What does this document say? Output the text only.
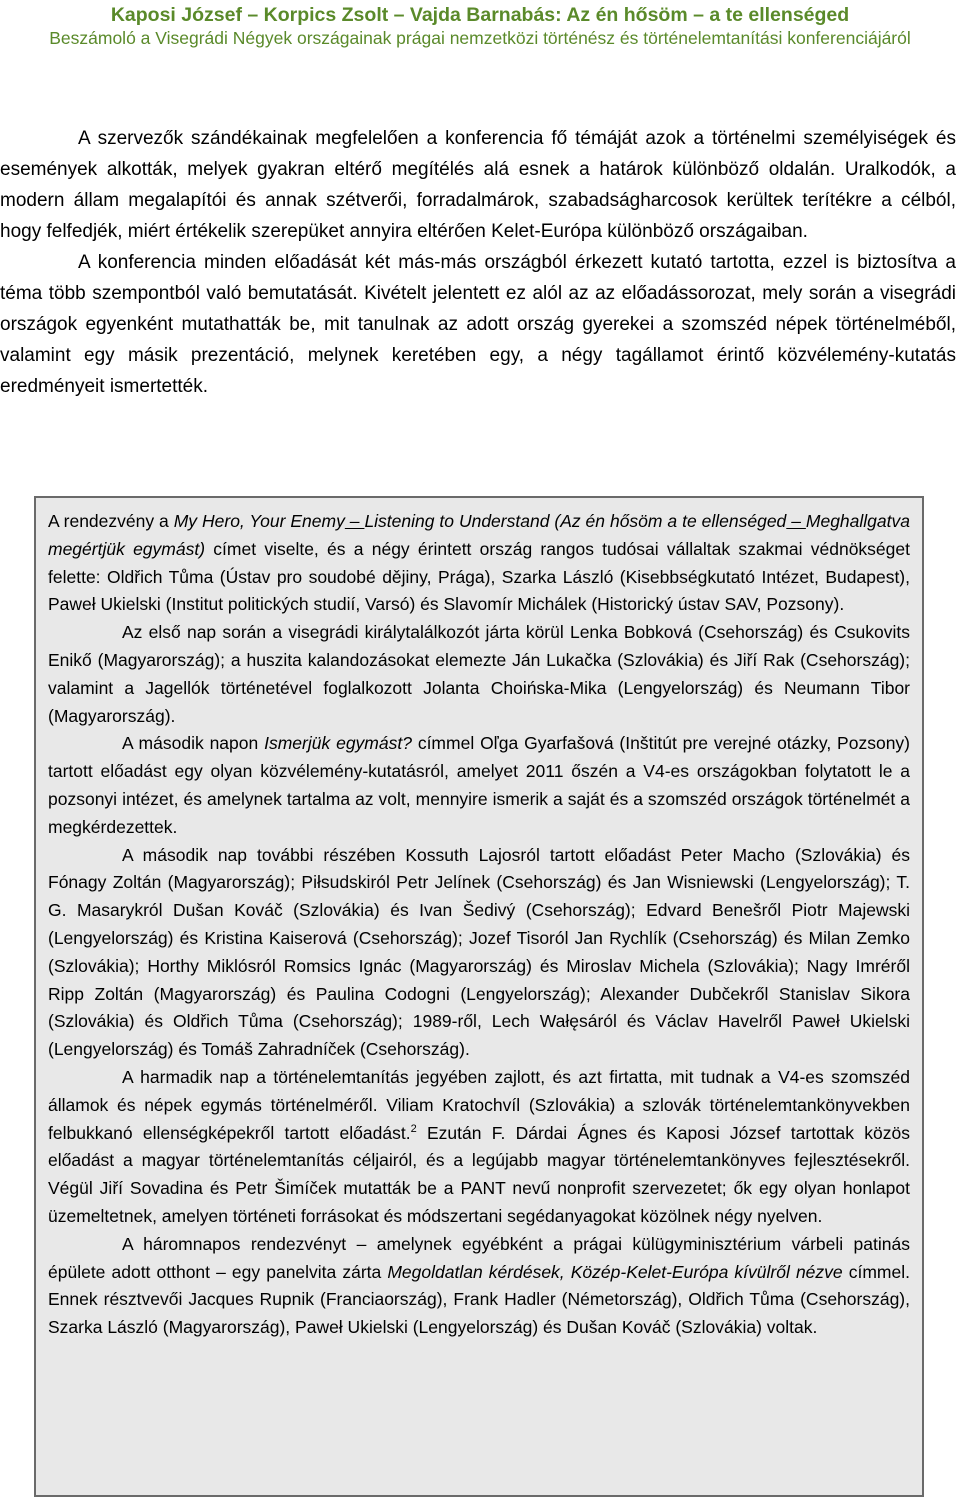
Kaposi József – Korpics Zsolt – Vajda Barnabás: Az én hősöm – a te ellenséged
Beszámoló a Visegrádi Négyek országainak prágai nemzetközi történész és történelemtanítási konferenciájáról

A szervezők szándékainak megfelelően a konferencia fő témáját azok a történelmi személyiségek és események alkották, melyek gyakran eltérő megítélés alá esnek a határok különböző oldalán. Uralkodók, a modern állam megalapítói és annak szétverői, forradalmárok, szabadságharcosok kerültek terítékre a célból, hogy felfedjék, miért értékelik szerepüket annyira eltérően Kelet-Európa különböző országaiban.

A konferencia minden előadását két más-más országból érkezett kutató tartotta, ezzel is biztosítva a téma több szempontból való bemutatását. Kivételt jelentett ez alól az az előadássorozat, mely során a visegrádi országok egyenként mutathatták be, mit tanulnak az adott ország gyerekei a szomszéd népek történelméből, valamint egy másik prezentáció, melynek keretében egy, a négy tagállamot érintő közvélemény-kutatás eredményeit ismertették.

A rendezvény a My Hero, Your Enemy – Listening to Understand (Az én hősöm a te ellenséged – Meghallgatva megértjük egymást) címet viselte, és a négy érintett ország rangos tudósai vállaltak szakmai védnökséget felette: Oldřich Tůma (Ústav pro soudobé dějiny, Prága), Szarka László (Kisebbségkutató Intézet, Budapest), Paweł Ukielski (Institut politických studií, Varsó) és Slavomír Michálek (Historický ústav SAV, Pozsony).

Az első nap során a visegrádi királytalálkozót járta körül Lenka Bobková (Csehország) és Csukovits Enikő (Magyarország); a huszita kalandozásokat elemezte Ján Lukačka (Szlovákia) és Jiří Rak (Csehország); valamint a Jagellók történetével foglalkozott Jolanta Choińska-Mika (Lengyelország) és Neumann Tibor (Magyarország).

A második napon Ismerjük egymást? címmel Oľga Gyarfašová (Inštitút pre verejné otázky, Pozsony) tartott előadást egy olyan közvélemény-kutatásról, amelyet 2011 őszén a V4-es országokban folytatott le a pozsonyi intézet, és amelynek tartalma az volt, mennyire ismerik a saját és a szomszéd országok történelmét a megkérdezettek.

A második nap további részében Kossuth Lajosról tartott előadást Peter Macho (Szlovákia) és Fónagy Zoltán (Magyarország); Piłsudskiról Petr Jelínek (Csehország) és Jan Wisniewski (Lengyelország); T. G. Masarykról Dušan Kováč (Szlovákia) és Ivan Šedivý (Csehország); Edvard Benešről Piotr Majewski (Lengyelország) és Kristina Kaiserová (Csehország); Jozef Tisoról Jan Rychlík (Csehország) és Milan Zemko (Szlovákia); Horthy Miklósról Romsics Ignác (Magyarország) és Miroslav Michela (Szlovákia); Nagy Imréről Ripp Zoltán (Magyarország) és Paulina Codogni (Lengyelország); Alexander Dubčekről Stanislav Sikora (Szlovákia) és Oldřich Tůma (Csehország); 1989-ről, Lech Wałęsáról és Václav Havelről Paweł Ukielski (Lengyelország) és Tomáš Zahradníček (Csehország).

A harmadik nap a történelemtanítás jegyében zajlott, és azt firtatta, mit tudnak a V4-es szomszéd államok és népek egymás történelméről. Viliam Kratochvíl (Szlovákia) a szlovák történelemtankönyvekben felbukkanó ellenségképekről tartott előadást.$^2$ Ezután F. Dárdai Ágnes és Kaposi József tartottak közös előadást a magyar történelemtanítás céljairól, és a legújabb magyar történelemtankönyves fejlesztésekről. Végül Jiří Sovadina és Petr Šimíček mutatták be a PANT nevű nonprofit szervezetet; ők egy olyan honlapot üzemeltetnek, amelyen történeti forrásokat és módszertani segédanyagokat közölnek négy nyelven.

A háromnapos rendezvényt – amelynek egyébként a prágai külügyminisztérium várbeli patinás épülete adott otthont – egy panelvita zárta Megoldatlan kérdések, Közép-Kelet-Európa kívülről nézve címmel. Ennek résztvevői Jacques Rupnik (Franciaország), Frank Hadler (Németország), Oldřich Tůma (Csehország), Szarka László (Magyarország), Paweł Ukielski (Lengyelország) és Dušan Kováč (Szlovákia) voltak.
